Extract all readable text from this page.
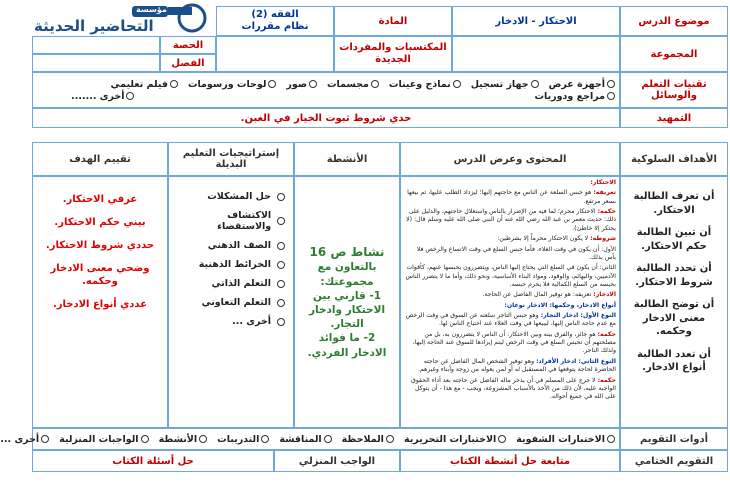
مؤسسة
التحاضير الحديثة	موضوع الدرس
الاحتكار - الادخار
المادة
الفقه (2)
نظام مقررات
المجموعة
المكتسبات والمفردات
الجديدة
الحصة
الفصل
تقنيات التعلم والوسائل
أجهزة عرض
جهاز تسجيل
نماذج وعينات
مجسمات
صور
لوحات ورسومات
فيلم تعليمي
مراجع ودوريات
أخرى .......
التمهيد
حدي شروط ثبوت الخيار في الغبن.
الأهداف السلوكية
المحتوى وعرض الدرس
الأنشطة
إستراتيجيات التعليم البديلة
تقييم الهدف
أن تعرف الطالبة الاحتكار.
أن تبين الطالبة حكم الاحتكار.
أن تحدد الطالبة شروط الاحتكار.
أن توضح الطالبة معنى الادخار وحكمه.
أن تعدد الطالبة أنواع الادخار.

الاحتكار:

تعريفه: هو حبس السلعة عن الناس مع حاجتهم إليها؛ ليزداد الطلب عليها، ثم بيعها بسعر مرتفع.

حكمه: الاحتكار محرم؛ لما فيه من الإضرار بالناس واستغلال حاجتهم، والدليل على ذلك: حديث معمر بن عبد الله رضي الله عنه أن النبي صلى الله عليه وسلم قال: (لا يحتكر إلا خاطئ).

شروطه: لا يكون الاحتكار محرماً إلا بشرطين:

الأول: أن يكون في وقت الغلاء، فأما حبس السلع في وقت الاتساع والرخص فلا بأس بذلك.

الثاني: أن يكون في السلع التي يحتاج إليها الناس، ويتضررون بحبسها عنهم، كأقوات الآدميين، والبهائم، والوقود، ومواد البناء الأساسية، ونحو ذلك، وأما ما لا يتضرر الناس بحبسه من السلع الكمالية فلا يحرم حبسه.

الادخار: تعريفه: هو توفير المال الفاضل عن الحاجة.

أنواع الادخار، وحكمها: الادخار نوعان:

النوع الأول: ادخار التجار: وهو حبس التاجر سلعته عن السوق في وقت الرخص مع عدم حاجة الناس إليها، ليبيعها في وقت الغلاء عند احتياج الناس لها.

حكمه: هو جائز، والفرق بينه وبين الاحتكار: أن الناس لا يتضررون به، بل من مصلحتهم أن تحبس السلع في وقت الرخص ليتم إيرادها للسوق عند الحاجة إليها، ولذلك التاجر.

النوع الثاني: ادخار الأفراد: وهو توفير الشخص المال الفاضل عن حاجته الحاضرة لحاجة يتوقعها في المستقبل له أو لمن يعوله من زوجة وأبناء وغيرهم.

حكمه: لا حرج على المسلم في أن يدخر ماله الفاضل عن حاجته بعد أداء الحقوق الواجبة عليه، لأن ذلك من الأخذ بالأسباب المشروعة، ويجب - مع هذا - أن يتوكل على الله في جميع أحواله.

نشاط ص 16
بالتعاون مع مجموعتك:
1- قارني بين الاحتكار وادخار التجار.
2- ما فوائد الادخار الفردي.
حل المشكلات
الاكتشاف والاستقصاء
الصف الذهني
الخرائط الذهنية
التعلم الذاتي
التعلم التعاوني
أخرى ...
عرفي الاحتكار.
بيني حكم الاحتكار.
حددي شروط الاحتكار.
وضحي معنى الادخار وحكمه.
عددي أنواع الادخار.
أدوات التقويم
الاختبارات الشفوية
الاختبارات التحريرية
الملاحظة
المناقشة
التدريبات
الأنشطة
الواجبات المنزلية
أخرى ...
التقويم الختامي
متابعة حل أنشطة الكتاب
الواجب المنزلي
حل أسئلة الكتاب
